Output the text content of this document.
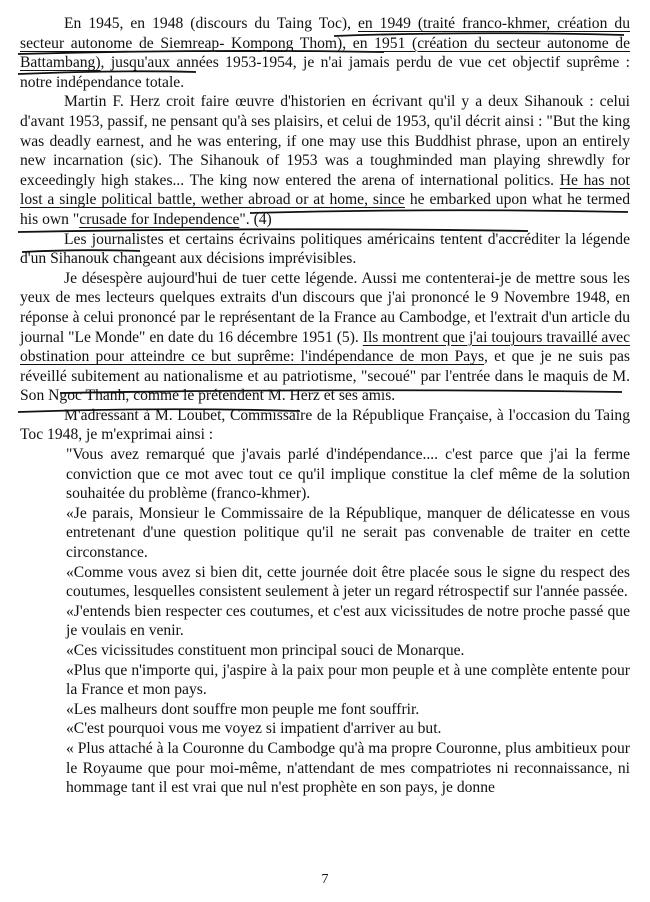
En 1945, en 1948 (discours du Taing Toc), en 1949 (traité franco-khmer, création du secteur autonome de Siemreap- Kompong Thom), en 1951 (création du secteur autonome de Battambang), jusqu'aux années 1953-1954, je n'ai jamais perdu de vue cet objectif suprême : notre indépendance totale.

Martin F. Herz croit faire œuvre d'historien en écrivant qu'il y a deux Sihanouk : celui d'avant 1953, passif, ne pensant qu'à ses plaisirs, et celui de 1953, qu'il décrit ainsi : "But the king was deadly earnest, and he was entering, if one may use this Buddhist phrase, upon an entirely new incarnation (sic). The Sihanouk of 1953 was a toughminded man playing shrewdly for exceedingly high stakes... The king now entered the arena of international politics. He has not lost a single political battle, wether abroad or at home, since he embarked upon what he termed his own "crusade for Independence". (4)

Les journalistes et certains écrivains politiques américains tentent d'accréditer la légende d'un Sihanouk changeant aux décisions imprévisibles.

Je désespère aujourd'hui de tuer cette légende. Aussi me contenterai-je de mettre sous les yeux de mes lecteurs quelques extraits d'un discours que j'ai prononcé le 9 Novembre 1948, en réponse à celui prononcé par le représentant de la France au Cambodge, et l'extrait d'un article du journal "Le Monde" en date du 16 décembre 1951 (5). Ils montrent que j'ai toujours travaillé avec obstination pour atteindre ce but suprême: l'indépendance de mon Pays, et que je ne suis pas réveillé subitement au nationalisme et au patriotisme, "secoué" par l'entrée dans le maquis de M. Son Ngoc Thanh, comme le prétendent M. Herz et ses amis.

M'adressant à M. Loubet, Commissaire de la République Française, à l'occasion du Taing Toc 1948, je m'exprimai ainsi :

"Vous avez remarqué que j'avais parlé d'indépendance.... c'est parce que j'ai la ferme conviction que ce mot avec tout ce qu'il implique constitue la clef même de la solution souhaitée du problème (franco-khmer).

«Je parais, Monsieur le Commissaire de la République, manquer de délicatesse en vous entretenant d'une question politique qu'il ne serait pas convenable de traiter en cette circonstance.

«Comme vous avez si bien dit, cette journée doit être placée sous le signe du respect des coutumes, lesquelles consistent seulement à jeter un regard rétrospectif sur l'année passée.

«J'entends bien respecter ces coutumes, et c'est aux vicissitudes de notre proche passé que je voulais en venir.

«Ces vicissitudes constituent mon principal souci de Monarque.

«Plus que n'importe qui, j'aspire à la paix pour mon peuple et à une complète entente pour la France et mon pays.

«Les malheurs dont souffre mon peuple me font souffrir.

«C'est pourquoi vous me voyez si impatient d'arriver au but.

« Plus attaché à la Couronne du Cambodge qu'à ma propre Couronne, plus ambitieux pour le Royaume que pour moi-même, n'attendant de mes compatriotes ni reconnaissance, ni hommage tant il est vrai que nul n'est prophète en son pays, je donne

7
